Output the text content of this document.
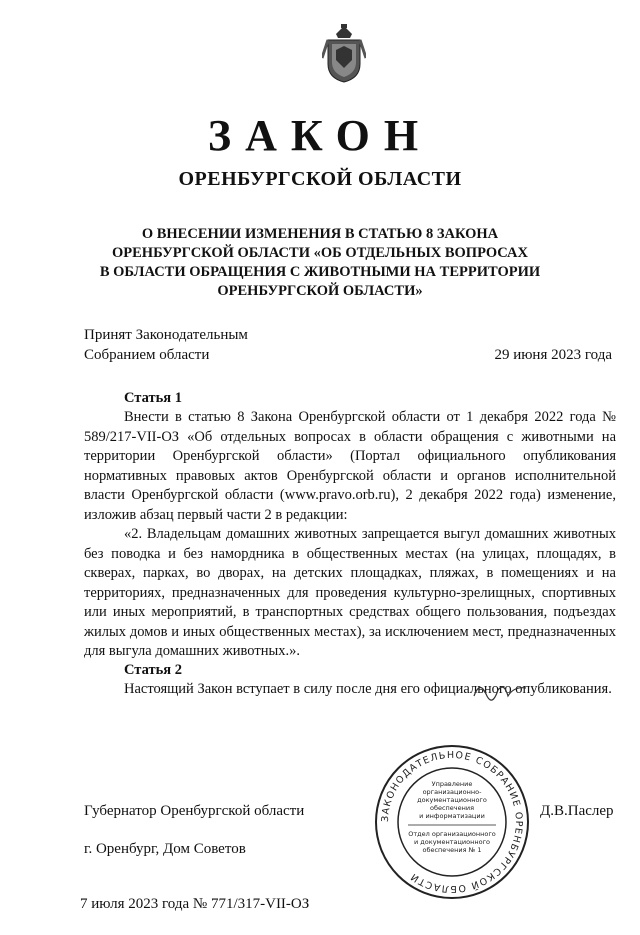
ЗАКОН
ОРЕНБУРГСКОЙ ОБЛАСТИ
О ВНЕСЕНИИ ИЗМЕНЕНИЯ В СТАТЬЮ 8 ЗАКОНА
ОРЕНБУРГСКОЙ ОБЛАСТИ «ОБ ОТДЕЛЬНЫХ ВОПРОСАХ
В ОБЛАСТИ ОБРАЩЕНИЯ С ЖИВОТНЫМИ НА ТЕРРИТОРИИ
ОРЕНБУРГСКОЙ ОБЛАСТИ»
Принят Законодательным
Собранием области	29 июня 2023 года
Статья 1
Внести в статью 8 Закона Оренбургской области от 1 декабря 2022 года № 589/217-VII-ОЗ «Об отдельных вопросах в области обращения с животными на территории Оренбургской области» (Портал официального опубликования нормативных правовых актов Оренбургской области и органов исполнительной власти Оренбургской области (www.pravo.orb.ru), 2 декабря 2022 года) изменение, изложив абзац первый части 2 в редакции:
«2. Владельцам домашних животных запрещается выгул домашних животных без поводка и без намордника в общественных местах (на улицах, площадях, в скверах, парках, во дворах, на детских площадках, пляжах, в помещениях и на территориях, предназначенных для проведения культурно-зрелищных, спортивных или иных мероприятий, в транспортных средствах общего пользования, подъездах жилых домов и иных общественных местах), за исключением мест, предназначенных для выгула домашних животных.».
Статья 2
Настоящий Закон вступает в силу после дня его официального опубликования.
Губернатор Оренбургской области	Д.В.Паслер
г. Оренбург, Дом Советов
ЗАКОНОДАТЕЛЬНОЕ СОБРАНИЕ ОРЕНБУРГСКОЙ ОБЛАСТИ
Управление
организационно-
документационного
обеспечения
и информатизации
Отдел организационного
и документационного
обеспечения № 1
7 июля 2023 года № 771/317-VII-ОЗ
